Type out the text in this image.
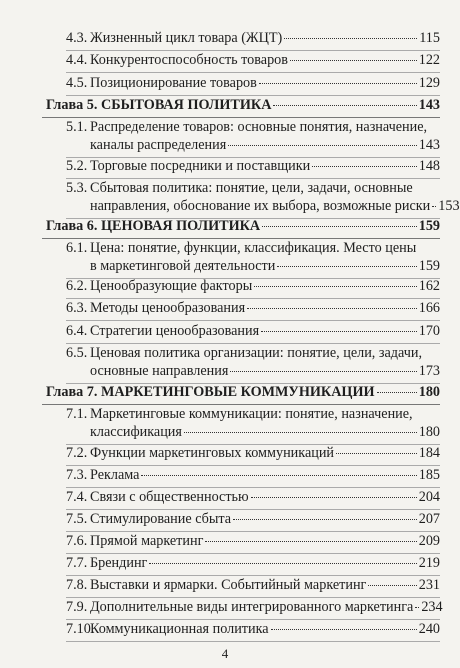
4.3. Жизненный цикл товара (ЖЦТ)	115
4.4. Конкурентоспособность товаров	122
4.5. Позиционирование товаров	129
Глава 5. СБЫТОВАЯ ПОЛИТИКА	143
5.1. Распределение товаров: основные понятия, назначение,
каналы распределения	143
5.2. Торговые посредники и поставщики	148
5.3. Сбытовая политика: понятие, цели, задачи, основные
направления, обоснование их выбора, возможные риски 153
Глава 6. ЦЕНОВАЯ ПОЛИТИКА	159
6.1. Цена: понятие, функции, классификация. Место цены
в маркетинговой деятельности	159
6.2. Ценообразующие факторы	162
6.3. Методы ценообразования	166
6.4. Стратегии ценообразования	170
6.5. Ценовая политика организации: понятие, цели, задачи,
основные направления	173
Глава 7. МАРКЕТИНГОВЫЕ КОММУНИКАЦИИ	180
7.1. Маркетинговые коммуникации: понятие, назначение,
классификация	180
7.2. Функции маркетинговых коммуникаций	184
7.3. Реклама	185
7.4. Связи с общественностью	204
7.5. Стимулирование сбыта	207
7.6. Прямой маркетинг	209
7.7. Брендинг	219
7.8. Выставки и ярмарки. Событийный маркетинг	231
7.9. Дополнительные виды интегрированного маркетинга 234
7.10.
Коммуникационная политика	240
4
